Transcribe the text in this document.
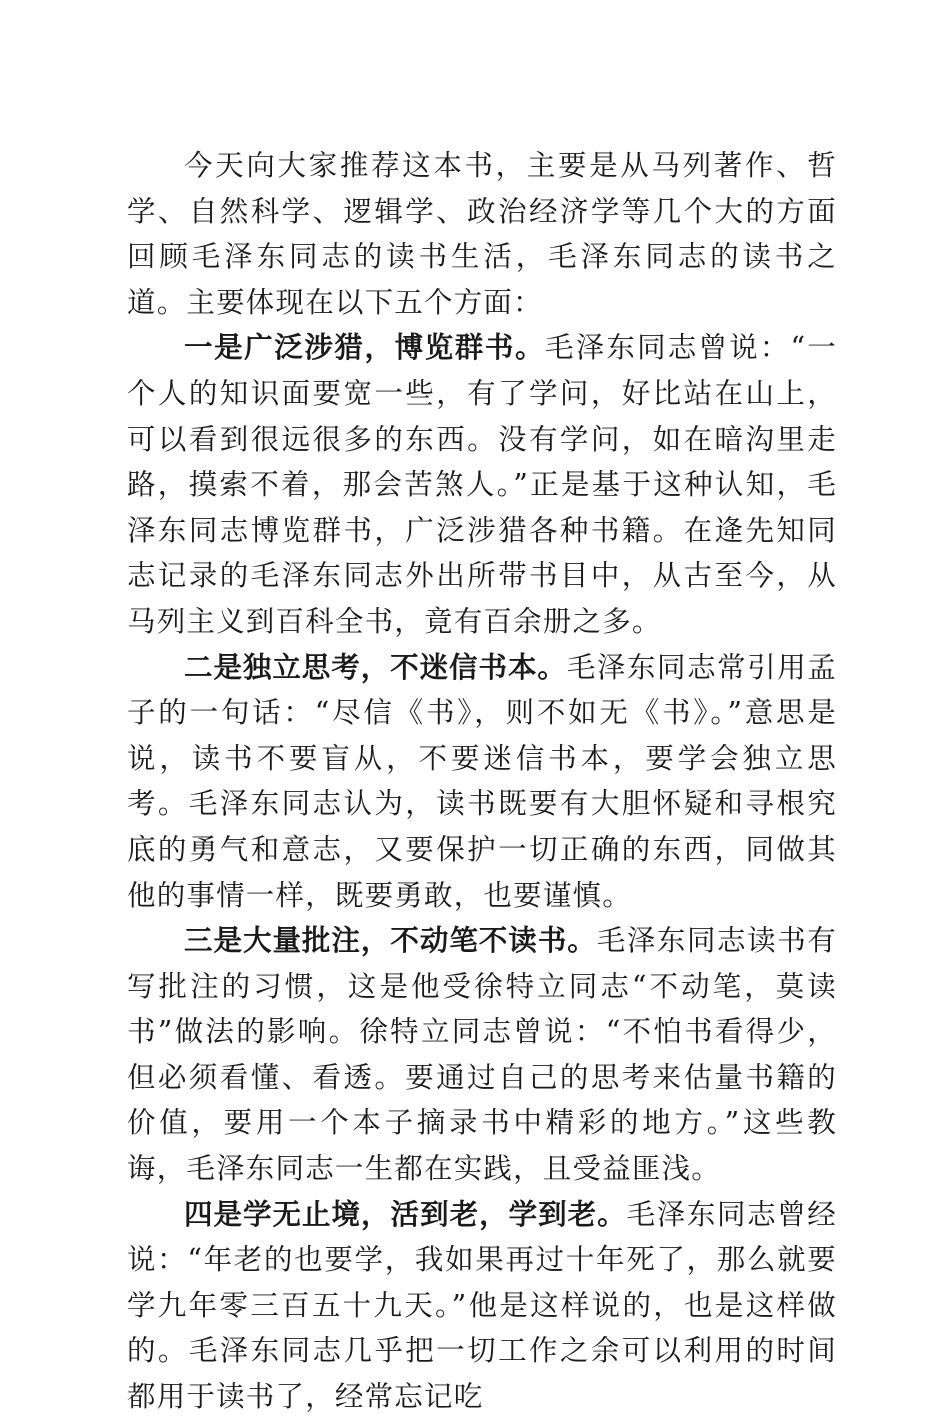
今天向大家推荐这本书，主要是从马列著作、哲学、自然科学、逻辑学、政治经济学等几个大的方面回顾毛泽东同志的读书生活，毛泽东同志的读书之道。主要体现在以下五个方面：

一是广泛涉猎，博览群书。毛泽东同志曾说：“一个人的知识面要宽一些，有了学问，好比站在山上，可以看到很远很多的东西。没有学问，如在暗沟里走路，摸索不着，那会苦煞人。”正是基于这种认知，毛泽东同志博览群书，广泛涉猎各种书籍。在逄先知同志记录的毛泽东同志外出所带书目中，从古至今，从马列主义到百科全书，竟有百余册之多。

二是独立思考，不迷信书本。毛泽东同志常引用孟子的一句话：“尽信《书》，则不如无《书》。”意思是说，读书不要盲从，不要迷信书本，要学会独立思考。毛泽东同志认为，读书既要有大胆怀疑和寻根究底的勇气和意志，又要保护一切正确的东西，同做其他的事情一样，既要勇敢，也要谨慎。

三是大量批注，不动笔不读书。毛泽东同志读书有写批注的习惯，这是他受徐特立同志“不动笔，莫读书”做法的影响。徐特立同志曾说：“不怕书看得少，但必须看懂、看透。要通过自己的思考来估量书籍的价值，要用一个本子摘录书中精彩的地方。”这些教诲，毛泽东同志一生都在实践，且受益匪浅。

四是学无止境，活到老，学到老。毛泽东同志曾经说：“年老的也要学，我如果再过十年死了，那么就要学九年零三百五十九天。”他是这样说的，也是这样做的。毛泽东同志几乎把一切工作之余可以利用的时间都用于读书了，经常忘记吃
